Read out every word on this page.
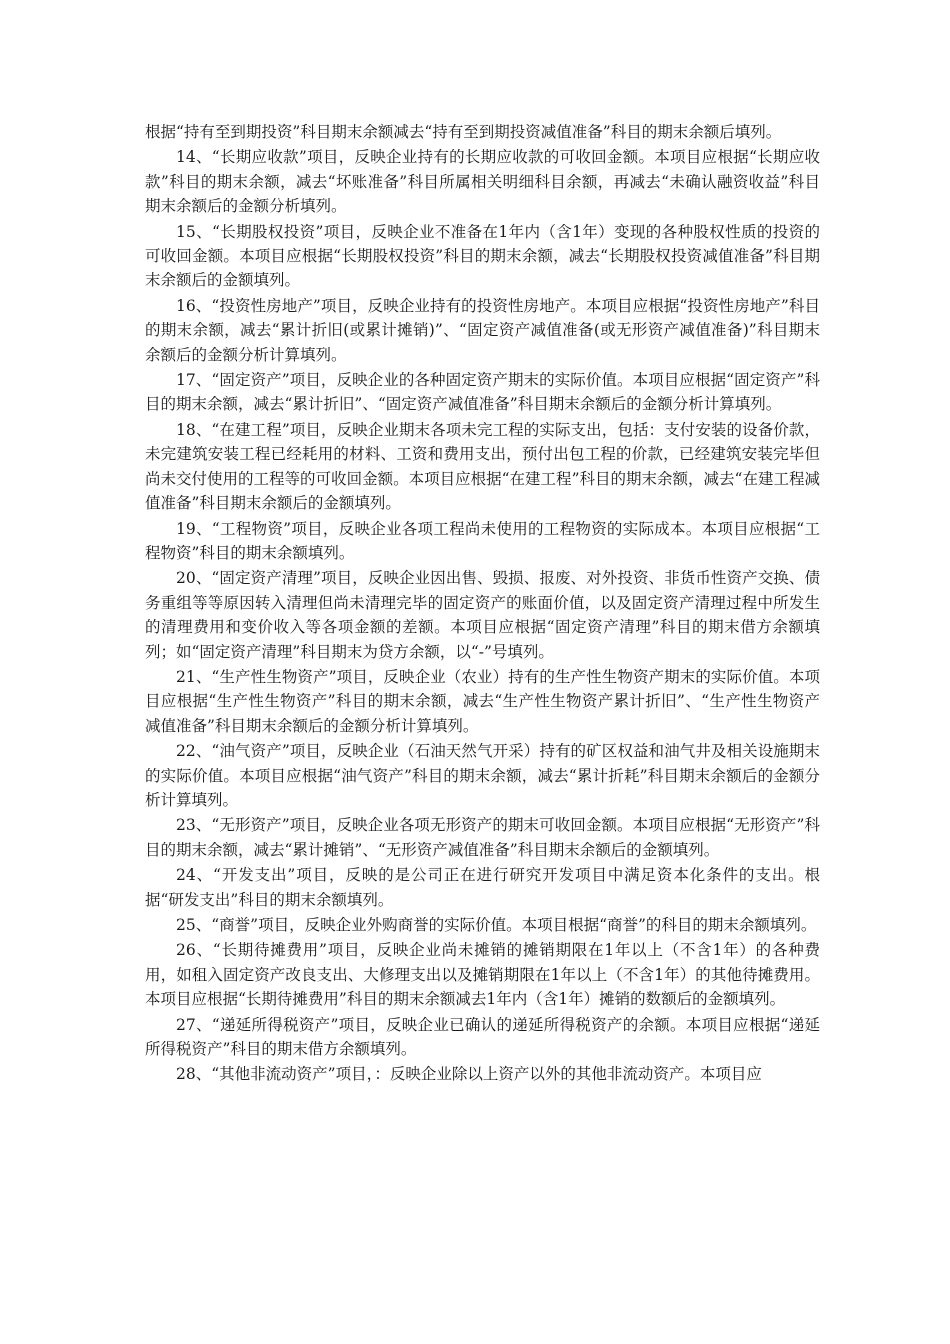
根据“持有至到期投资”科目期末余额减去“持有至到期投资减值准备”科目的期末余额后填列。

14、“长期应收款”项目，反映企业持有的长期应收款的可收回金额。本项目应根据“长期应收款”科目的期末余额，减去“坏账准备”科目所属相关明细科目余额，再减去“未确认融资收益”科目期末余额后的金额分析填列。

15、“长期股权投资”项目，反映企业不准备在1年内（含1年）变现的各种股权性质的投资的可收回金额。本项目应根据“长期股权投资”科目的期末余额，减去“长期股权投资减值准备”科目期末余额后的金额填列。

16、“投资性房地产”项目，反映企业持有的投资性房地产。本项目应根据“投资性房地产”科目的期末余额，减去“累计折旧(或累计摊销)”、“固定资产减值准备(或无形资产减值准备)”科目期末余额后的金额分析计算填列。

17、“固定资产”项目，反映企业的各种固定资产期末的实际价值。本项目应根据“固定资产”科目的期末余额，减去“累计折旧”、“固定资产减值准备”科目期末余额后的金额分析计算填列。

18、“在建工程”项目，反映企业期末各项未完工程的实际支出，包括：支付安装的设备价款，未完建筑安装工程已经耗用的材料、工资和费用支出，预付出包工程的价款，已经建筑安装完毕但尚未交付使用的工程等的可收回金额。本项目应根据“在建工程”科目的期末余额，减去“在建工程减值准备”科目期末余额后的金额填列。

19、“工程物资”项目，反映企业各项工程尚未使用的工程物资的实际成本。本项目应根据“工程物资”科目的期末余额填列。

20、“固定资产清理”项目，反映企业因出售、毁损、报废、对外投资、非货币性资产交换、债务重组等等原因转入清理但尚未清理完毕的固定资产的账面价值，以及固定资产清理过程中所发生的清理费用和变价收入等各项金额的差额。本项目应根据“固定资产清理”科目的期末借方余额填列；如“固定资产清理”科目期末为贷方余额，以“-”号填列。

21、“生产性生物资产”项目，反映企业（农业）持有的生产性生物资产期末的实际价值。本项目应根据“生产性生物资产”科目的期末余额，减去“生产性生物资产累计折旧”、“生产性生物资产减值准备”科目期末余额后的金额分析计算填列。

22、“油气资产”项目，反映企业（石油天然气开采）持有的矿区权益和油气井及相关设施期末的实际价值。本项目应根据“油气资产”科目的期末余额，减去“累计折耗”科目期末余额后的金额分析计算填列。

23、“无形资产”项目，反映企业各项无形资产的期末可收回金额。本项目应根据“无形资产”科目的期末余额，减去“累计摊销”、“无形资产减值准备”科目期末余额后的金额填列。

24、“开发支出”项目，反映的是公司正在进行研究开发项目中满足资本化条件的支出。根据“研发支出”科目的期末余额填列。

25、“商誉”项目，反映企业外购商誉的实际价值。本项目根据“商誉”的科目的期末余额填列。

26、“长期待摊费用”项目，反映企业尚未摊销的摊销期限在1年以上（不含1年）的各种费用，如租入固定资产改良支出、大修理支出以及摊销期限在1年以上（不含1年）的其他待摊费用。本项目应根据“长期待摊费用”科目的期末余额减去1年内（含1年）摊销的数额后的金额填列。

27、“递延所得税资产”项目，反映企业已确认的递延所得税资产的余额。本项目应根据“递延所得税资产”科目的期末借方余额填列。

28、“其他非流动资产”项目，：反映企业除以上资产以外的其他非流动资产。本项目应
